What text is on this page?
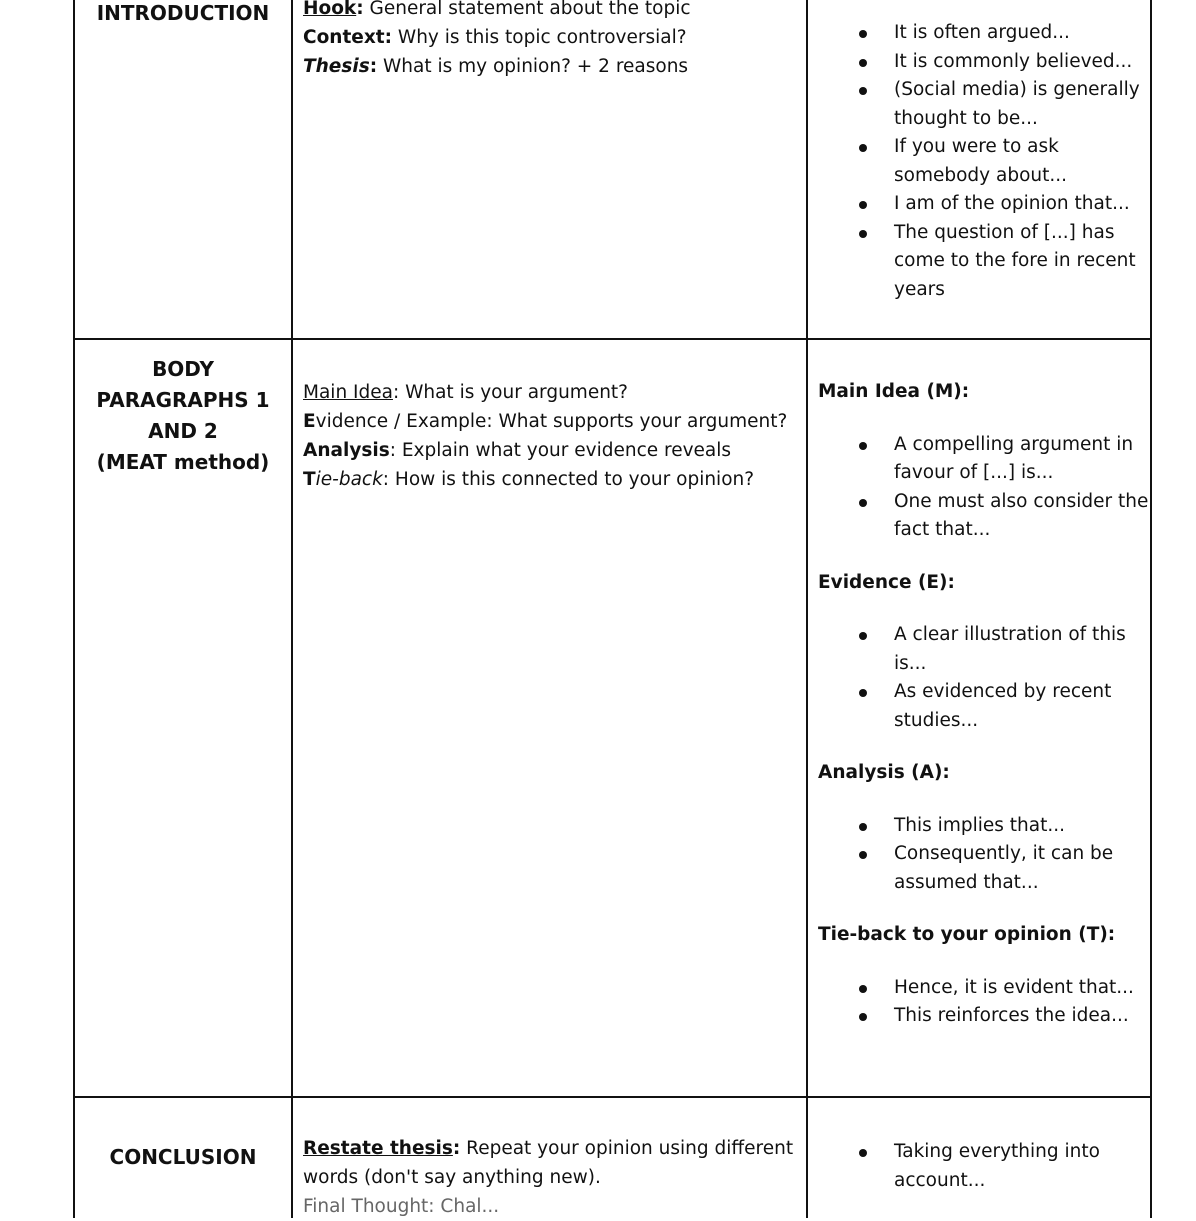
INTRODUCTION	Hook: General statement about the topic
Context: Why is this topic controversial?
Thesis: What is my opinion? + 2 reasons
It is often argued...
It is commonly believed...
(Social media) is generally thought to be...
If you were to ask somebody about...
I am of the opinion that...
The question of [...] has come to the fore in recent years
BODY
PARAGRAPHS 1
AND 2
(MEAT method)
Main Idea: What is your argument?
Evidence / Example: What supports your argument?
Analysis: Explain what your evidence reveals
Tie-back: How is this connected to your opinion?
Main Idea (M):
A compelling argument in favour of [...] is...
One must also consider the fact that...
Evidence (E):
A clear illustration of this is...
As evidenced by recent studies...
Analysis (A):
This implies that...
Consequently, it can be assumed that...
Tie-back to your opinion (T):
Hence, it is evident that...
This reinforces the idea...
CONCLUSION	Restate thesis: Repeat your opinion using different words (don't say anything new).
Final Thought: Chal...
Taking everything into account...
